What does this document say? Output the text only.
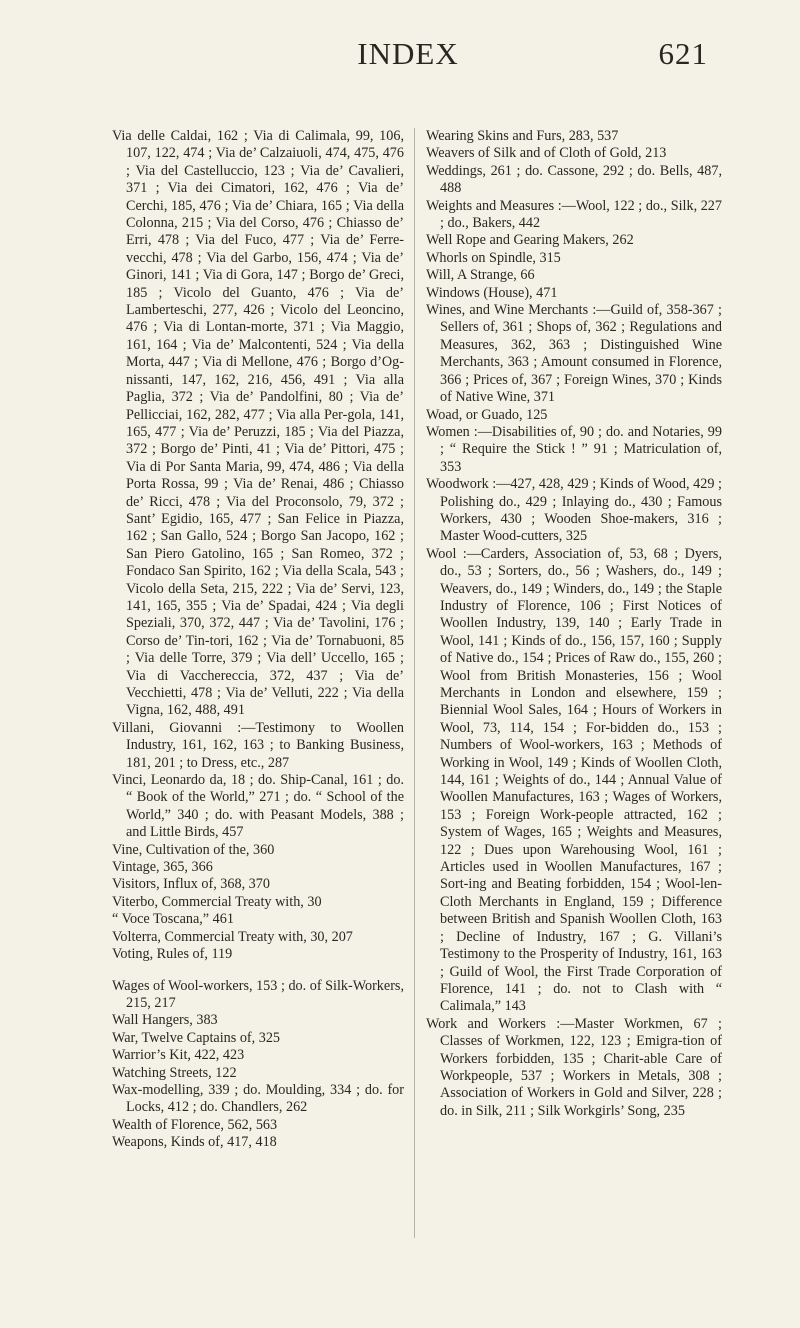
INDEX	621

Via delle Caldai, 162 ; Via di Calimala, 99, 106, 107, 122, 474 ; Via de’ Calzaiuoli, 474, 475, 476 ; Via del Castelluccio, 123 ; Via de’ Cavalieri, 371 ; Via dei Cimatori, 162, 476 ; Via de’ Cerchi, 185, 476 ; Via de’ Chiara, 165 ; Via della Colonna, 215 ; Via del Corso, 476 ; Chiasso de’ Erri, 478 ; Via del Fuco, 477 ; Via de’ Ferre-vecchi, 478 ; Via del Garbo, 156, 474 ; Via de’ Ginori, 141 ; Via di Gora, 147 ; Borgo de’ Greci, 185 ; Vicolo del Guanto, 476 ; Via de’ Lamberteschi, 277, 426 ; Vicolo del Leoncino, 476 ; Via di Lontan-morte, 371 ; Via Maggio, 161, 164 ; Via de’ Malcontenti, 524 ; Via della Morta, 447 ; Via di Mellone, 476 ; Borgo d’Og-nissanti, 147, 162, 216, 456, 491 ; Via alla Paglia, 372 ; Via de’ Pandolfini, 80 ; Via de’ Pellicciai, 162, 282, 477 ; Via alla Per-gola, 141, 165, 477 ; Via de’ Peruzzi, 185 ; Via del Piazza, 372 ; Borgo de’ Pinti, 41 ; Via de’ Pittori, 475 ; Via di Por Santa Maria, 99, 474, 486 ; Via della Porta Rossa, 99 ; Via de’ Renai, 486 ; Chiasso de’ Ricci, 478 ; Via del Proconsolo, 79, 372 ; Sant’ Egidio, 165, 477 ; San Felice in Piazza, 162 ; San Gallo, 524 ; Borgo San Jacopo, 162 ; San Piero Gatolino, 165 ; San Romeo, 372 ; Fondaco San Spirito, 162 ; Via della Scala, 543 ; Vicolo della Seta, 215, 222 ; Via de’ Servi, 123, 141, 165, 355 ; Via de’ Spadai, 424 ; Via degli Speziali, 370, 372, 447 ; Via de’ Tavolini, 176 ; Corso de’ Tin-tori, 162 ; Via de’ Tornabuoni, 85 ; Via delle Torre, 379 ; Via dell’ Uccello, 165 ; Via di Vacchereccia, 372, 437 ; Via de’ Vecchietti, 478 ; Via de’ Velluti, 222 ; Via della Vigna, 162, 488, 491

Villani, Giovanni :—Testimony to Woollen Industry, 161, 162, 163 ; to Banking Business, 181, 201 ; to Dress, etc., 287

Vinci, Leonardo da, 18 ; do. Ship-Canal, 161 ; do. “ Book of the World,” 271 ; do. “ School of the World,” 340 ; do. with Peasant Models, 388 ; and Little Birds, 457

Vine, Cultivation of the, 360

Vintage, 365, 366

Visitors, Influx of, 368, 370

Viterbo, Commercial Treaty with, 30

“ Voce Toscana,” 461

Volterra, Commercial Treaty with, 30, 207

Voting, Rules of, 119

Wages of Wool-workers, 153 ; do. of Silk-Workers, 215, 217

Wall Hangers, 383

War, Twelve Captains of, 325

Warrior’s Kit, 422, 423

Watching Streets, 122

Wax-modelling, 339 ; do. Moulding, 334 ; do. for Locks, 412 ; do. Chandlers, 262

Wealth of Florence, 562, 563

Weapons, Kinds of, 417, 418

Wearing Skins and Furs, 283, 537

Weavers of Silk and of Cloth of Gold, 213

Weddings, 261 ; do. Cassone, 292 ; do. Bells, 487, 488

Weights and Measures :—Wool, 122 ; do., Silk, 227 ; do., Bakers, 442

Well Rope and Gearing Makers, 262

Whorls on Spindle, 315

Will, A Strange, 66

Windows (House), 471

Wines, and Wine Merchants :—Guild of, 358-367 ; Sellers of, 361 ; Shops of, 362 ; Regulations and Measures, 362, 363 ; Distinguished Wine Merchants, 363 ; Amount consumed in Florence, 366 ; Prices of, 367 ; Foreign Wines, 370 ; Kinds of Native Wine, 371

Woad, or Guado, 125

Women :—Disabilities of, 90 ; do. and Notaries, 99 ; “ Require the Stick ! ” 91 ; Matriculation of, 353

Woodwork :—427, 428, 429 ; Kinds of Wood, 429 ; Polishing do., 429 ; Inlaying do., 430 ; Famous Workers, 430 ; Wooden Shoe-makers, 316 ; Master Wood-cutters, 325

Wool :—Carders, Association of, 53, 68 ; Dyers, do., 53 ; Sorters, do., 56 ; Washers, do., 149 ; Weavers, do., 149 ; Winders, do., 149 ; the Staple Industry of Florence, 106 ; First Notices of Woollen Industry, 139, 140 ; Early Trade in Wool, 141 ; Kinds of do., 156, 157, 160 ; Supply of Native do., 154 ; Prices of Raw do., 155, 260 ; Wool from British Monasteries, 156 ; Wool Merchants in London and elsewhere, 159 ; Biennial Wool Sales, 164 ; Hours of Workers in Wool, 73, 114, 154 ; For-bidden do., 153 ; Numbers of Wool-workers, 163 ; Methods of Working in Wool, 149 ; Kinds of Woollen Cloth, 144, 161 ; Weights of do., 144 ; Annual Value of Woollen Manufactures, 163 ; Wages of Workers, 153 ; Foreign Work-people attracted, 162 ; System of Wages, 165 ; Weights and Measures, 122 ; Dues upon Warehousing Wool, 161 ; Articles used in Woollen Manufactures, 167 ; Sort-ing and Beating forbidden, 154 ; Wool-len-Cloth Merchants in England, 159 ; Difference between British and Spanish Woollen Cloth, 163 ; Decline of Industry, 167 ; G. Villani’s Testimony to the Prosperity of Industry, 161, 163 ; Guild of Wool, the First Trade Corporation of Florence, 141 ; do. not to Clash with “ Calimala,” 143

Work and Workers :—Master Workmen, 67 ; Classes of Workmen, 122, 123 ; Emigra-tion of Workers forbidden, 135 ; Charit-able Care of Workpeople, 537 ; Workers in Metals, 308 ; Association of Workers in Gold and Silver, 228 ; do. in Silk, 211 ; Silk Workgirls’ Song, 235
